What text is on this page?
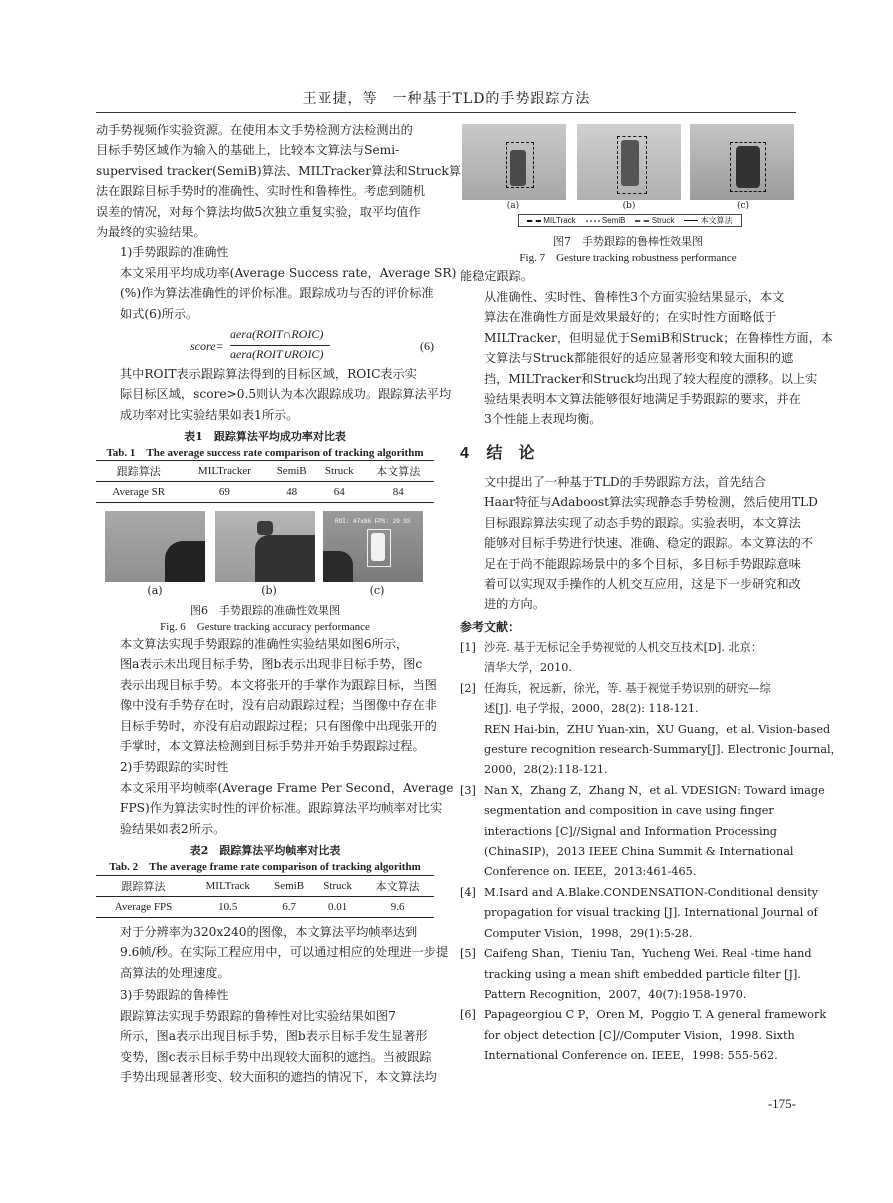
王亚捷，等　一种基于TLD的手势跟踪方法
动手势视频作实验资源。在使用本文手势检测方法检测出的
目标手势区域作为输入的基础上，比较本文算法与Semi-
supervised tracker(SemiB)算法、MILTracker算法和Struck算
法在跟踪目标手势时的准确性、实时性和鲁棒性。考虑到随机
误差的情况，对每个算法均做5次独立重复实验，取平均值作
为最终的实验结果。
1)手势跟踪的准确性
本文采用平均成功率(Average Success rate，Average SR)
(%)作为算法准确性的评价标准。跟踪成功与否的评价标准
如式(6)所示。
score=
aera(ROIT∩ROIC)
aera(ROIT∪ROIC)
(6)
其中ROIT表示跟踪算法得到的目标区域，ROIC表示实
际目标区域，score>0.5则认为本次跟踪成功。跟踪算法平均
成功率对比实验结果如表1所示。
表1　跟踪算法平均成功率对比表
Tab. 1　The average success rate comparison of tracking algorithm
跟踪算法	MILTracker	SemiB	Struck	本文算法
Average SR	69	48	64	84
ROI: 47x86 FPS: 20 SS
(a)	(b)	(c)
图6　手势跟踪的准确性效果图
Fig. 6　Gesture tracking accuracy performance
本文算法实现手势跟踪的准确性实验结果如图6所示，
图a表示未出现目标手势，图b表示出现非目标手势，图c
表示出现目标手势。本文将张开的手掌作为跟踪目标，当图
像中没有手势存在时，没有启动跟踪过程；当图像中存在非
目标手势时，亦没有启动跟踪过程；只有图像中出现张开的
手掌时，本文算法检测到目标手势并开始手势跟踪过程。
2)手势跟踪的实时性
本文采用平均帧率(Average Frame Per Second，Average
FPS)作为算法实时性的评价标准。跟踪算法平均帧率对比实
验结果如表2所示。
表2　跟踪算法平均帧率对比表
Tab. 2　The average frame rate comparison of tracking algorithm
跟踪算法	MILTrack	SemiB	Struck	本文算法
Average FPS	10.5	6.7	0.01	9.6
对于分辨率为320x240的图像，本文算法平均帧率达到
9.6帧/秒。在实际工程应用中，可以通过相应的处理进一步提
高算法的处理速度。
3)手势跟踪的鲁棒性
跟踪算法实现手势跟踪的鲁棒性对比实验结果如图7
所示，图a表示出现目标手势，图b表示目标手发生显著形
变势，图c表示目标手势中出现较大面积的遮挡。当被跟踪
手势出现显著形变、较大面积的遮挡的情况下，本文算法均
(a)	(b)	(c)
MILTrack	SemiB	Struck	本文算法
图7　手势跟踪的鲁棒性效果图
Fig. 7　Gesture tracking robustness performance
能稳定跟踪。
从准确性、实时性、鲁棒性3个方面实验结果显示，本文
算法在准确性方面是效果最好的；在实时性方面略低于
MILTracker，但明显优于SemiB和Struck；在鲁棒性方面，本
文算法与Struck都能很好的适应显著形变和较大面积的遮
挡，MILTracker和Struck均出现了较大程度的漂移。以上实
验结果表明本文算法能够很好地满足手势跟踪的要求，并在
3个性能上表现均衡。
4 结　论
文中提出了一种基于TLD的手势跟踪方法，首先结合
Haar特征与Adaboost算法实现静态手势检测，然后使用TLD
目标跟踪算法实现了动态手势的跟踪。实验表明，本文算法
能够对目标手势进行快速、准确、稳定的跟踪。本文算法的不
足在于尚不能跟踪场景中的多个目标，多目标手势跟踪意味
着可以实现双手操作的人机交互应用，这是下一步研究和改
进的方向。
参考文献：
[1] 沙亮. 基于无标记全手势视觉的人机交互技术[D]. 北京：
清华大学，2010.
[2] 任海兵，祝远新，徐光，等. 基于视觉手势识别的研究—综
述[J]. 电子学报，2000，28(2): 118-121.
REN Hai-bin，ZHU Yuan-xin，XU Guang，et al. Vision-based
gesture recognition research-Summary[J]. Electronic Journal，
2000，28(2):118-121.
[3] Nan X，Zhang Z，Zhang N，et al. VDESIGN: Toward image
segmentation and composition in cave using finger
interactions [C]//Signal and Information Processing
(ChinaSIP)，2013 IEEE China Summit & International
Conference on. IEEE，2013:461-465.
[4] M.Isard and A.Blake.CONDENSATION-Conditional density
propagation for visual tracking [J]. International Journal of
Computer Vision，1998，29(1):5-28.
[5] Caifeng Shan，Tieniu Tan，Yucheng Wei. Real -time hand
tracking using a mean shift embedded particle filter [J].
Pattern Recognition，2007，40(7):1958-1970.
[6] Papageorgiou C P，Oren M，Poggio T. A general framework
for object detection [C]//Computer Vision，1998. Sixth
International Conference on. IEEE，1998: 555-562.
-175-
